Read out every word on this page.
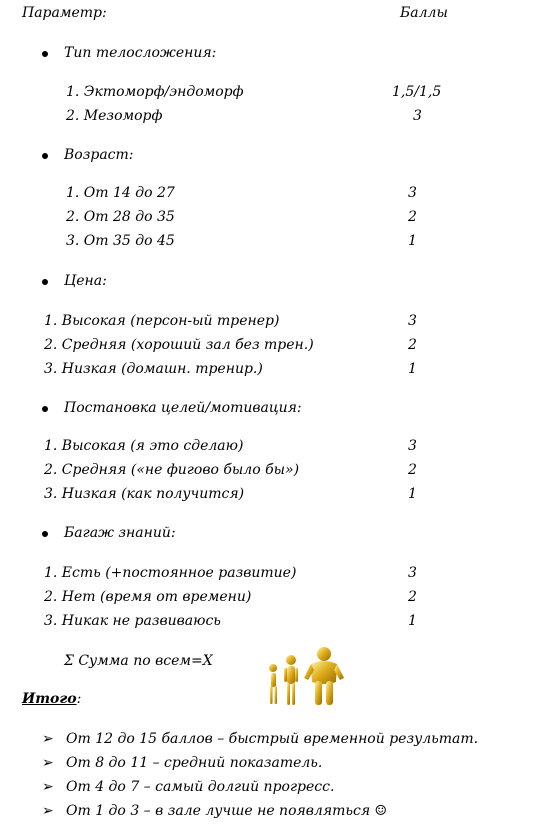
Параметр:	Баллы
Тип телосложения:
1. Эктоморф/эндоморф	1,5/1,5
2. Мезоморф	3
Возраст:
1. От 14 до 27	3
2. От 28 до 35	2
3. От 35 до 45	1
Цена:
1. Высокая (персон-ый тренер)	3
2. Средняя (хороший зал без трен.)	2
3. Низкая (домашн. тренир.)	1
Постановка целей/мотивация:
1. Высокая (я это сделаю)	3
2. Средняя («не фигово было бы»)	2
3. Низкая (как получится)	1
Багаж знаний:
1. Есть (+постоянное развитие)	3
2. Нет (время от времени)	2
3. Никак не развиваюсь	1
Σ Сумма по всем=X
Итого:
➢ От 12 до 15 баллов – быстрый временной результат.
➢ От 8 до 11 – средний показатель.
➢ От 4 до 7 – самый долгий прогресс.
➢ От 1 до 3 – в зале лучше не появляться ☺
